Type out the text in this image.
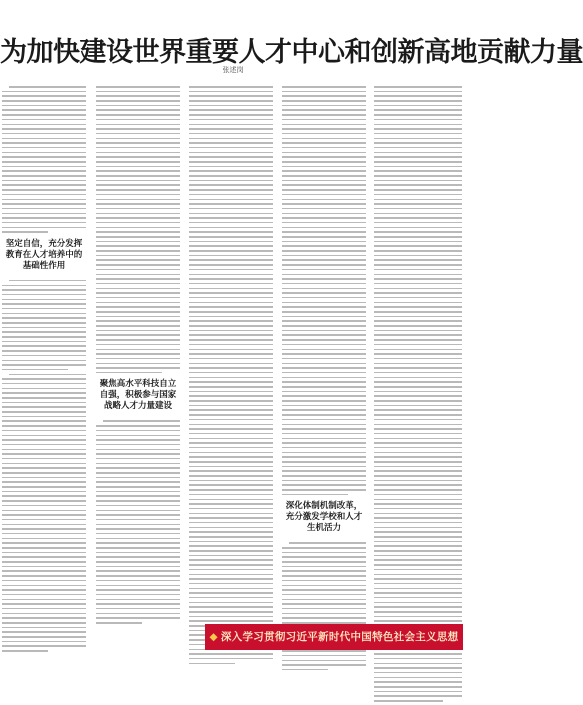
为加快建设世界重要人才中心和创新高地贡献力量
张述岗
坚定自信，充分发挥教育在人才培养中的基础性作用
聚焦高水平科技自立自强，积极参与国家战略人才力量建设
深化体制机制改革，充分激发学校和人才生机活力
◆ 深入学习贯彻习近平新时代中国特色社会主义思想
